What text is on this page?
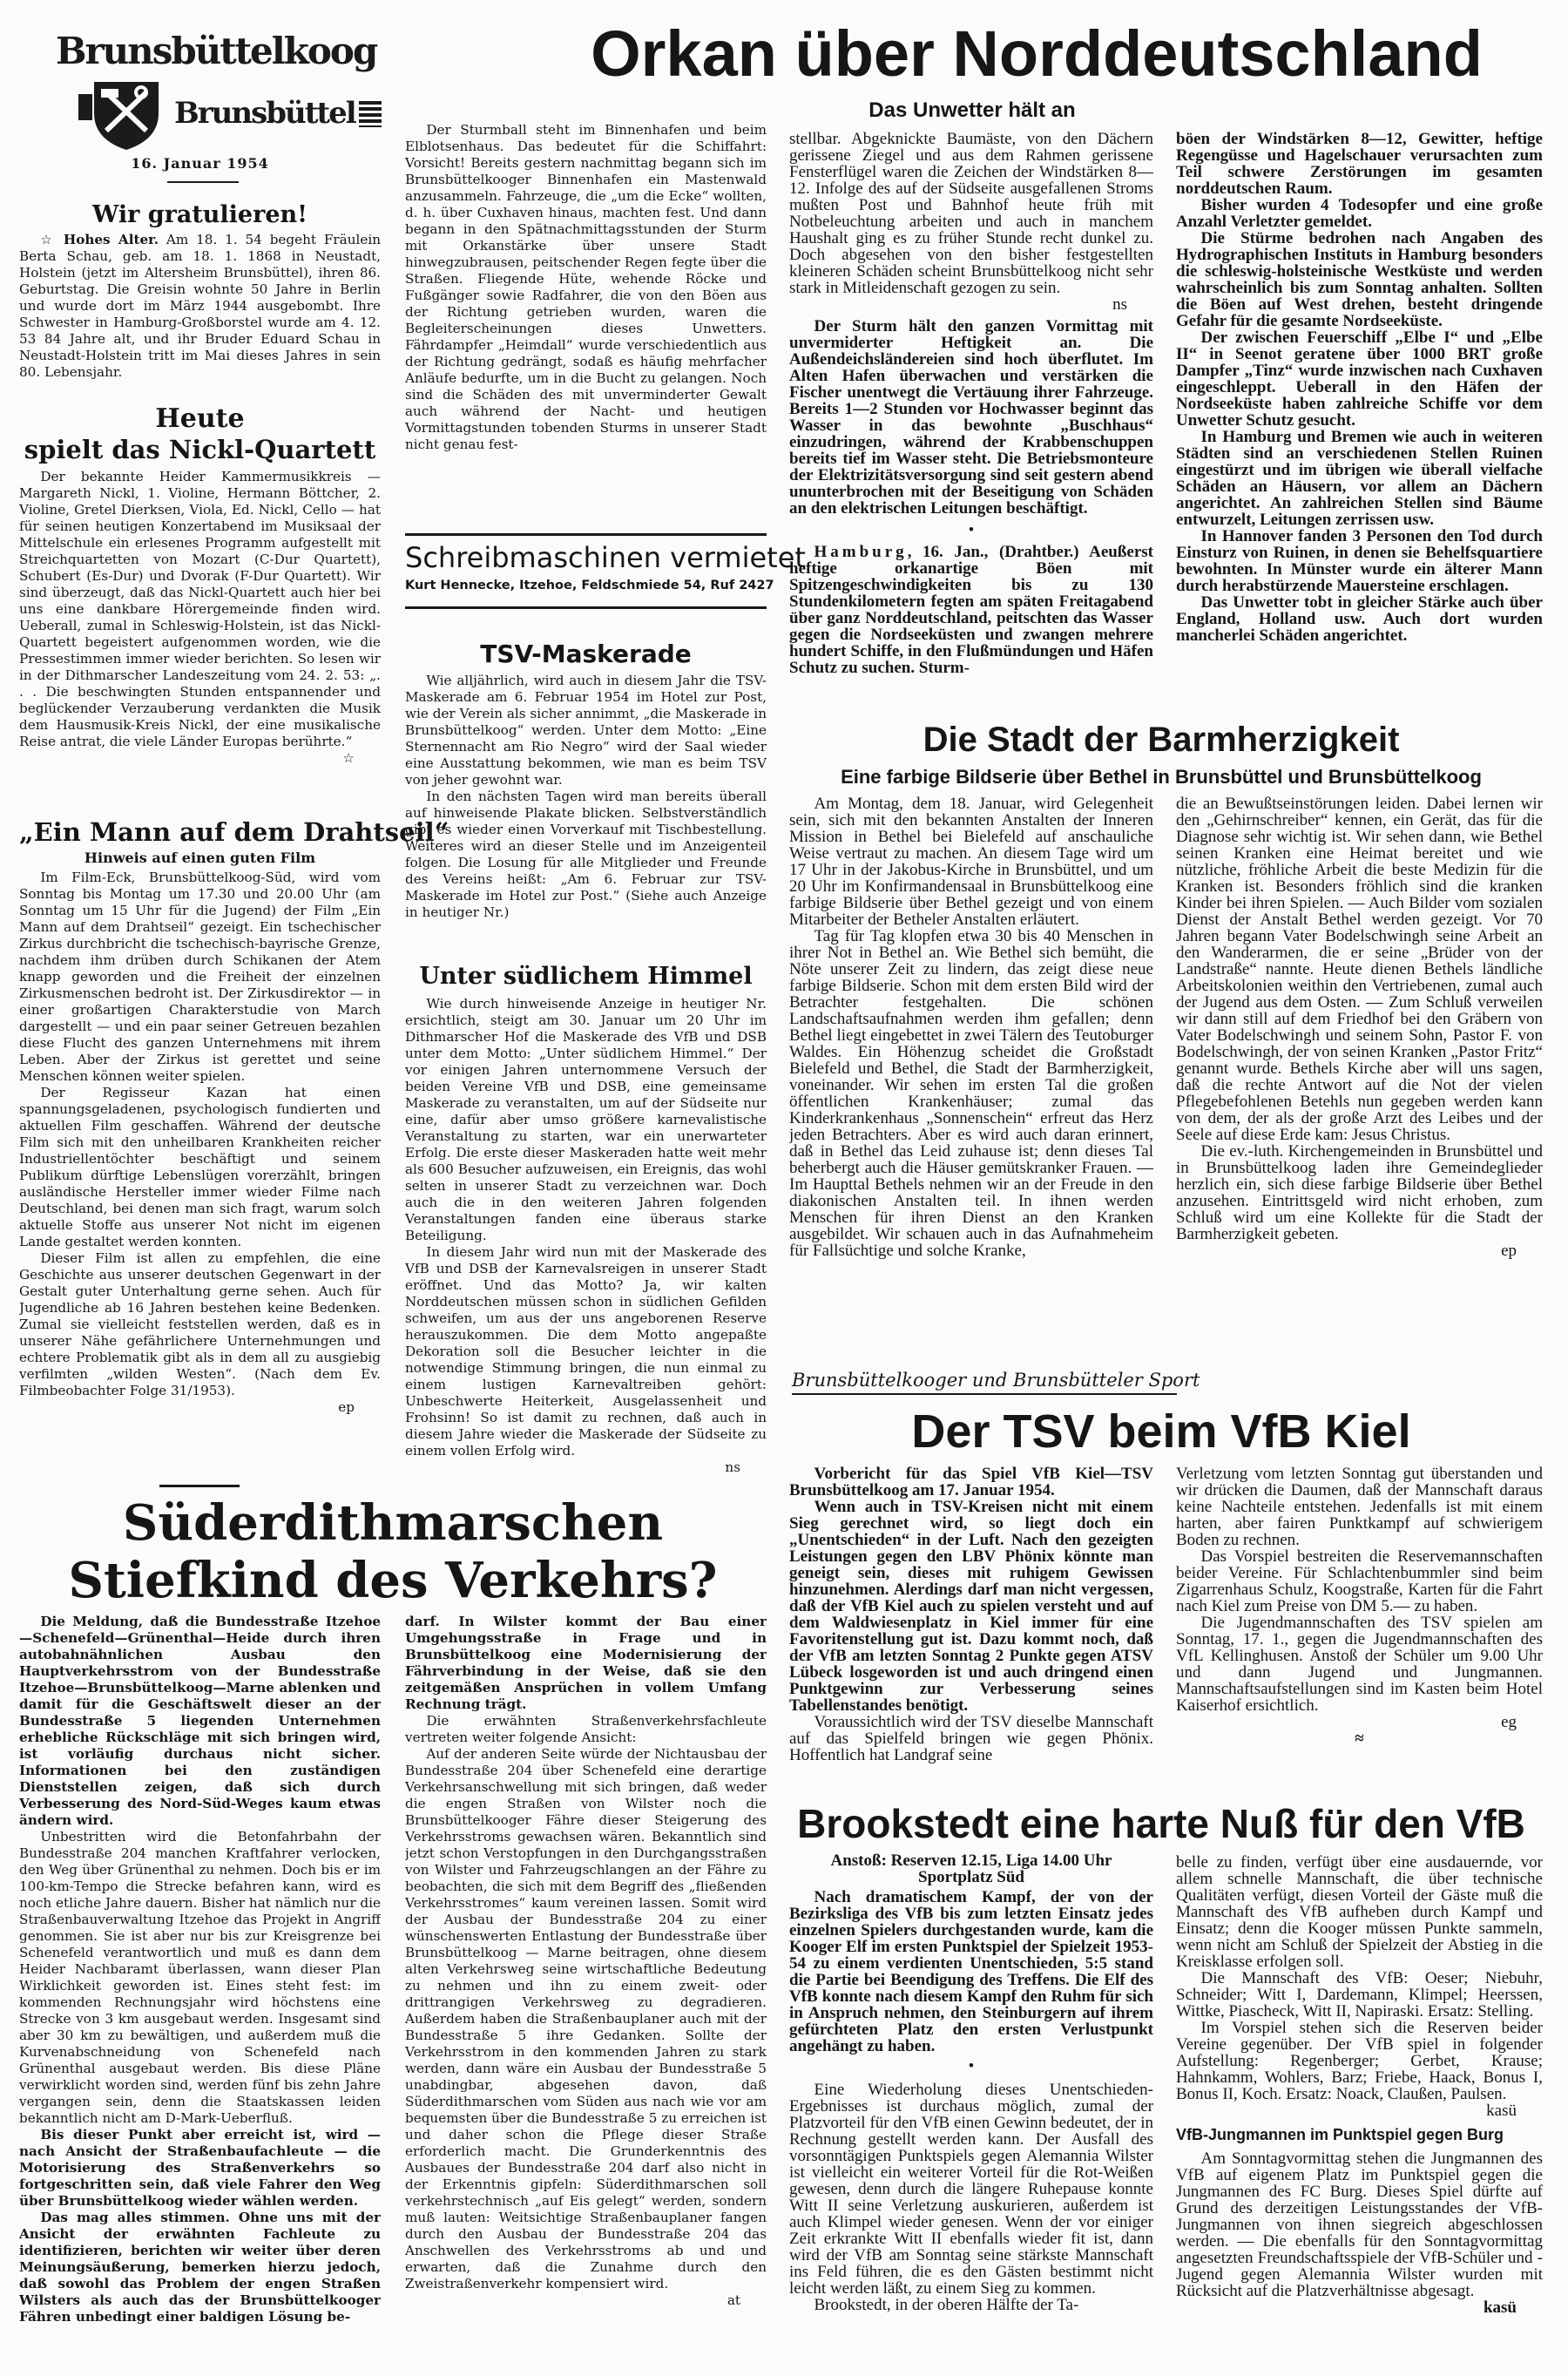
Brunsbüttelkoog
Brunsbüttel
16. Januar 1954
Orkan über Norddeutschland
Das Unwetter hält an
Wir gratulieren!

☆ Hohes Alter. Am 18. 1. 54 begeht Fräulein Berta Schau, geb. am 18. 1. 1868 in Neustadt, Holstein (jetzt im Altersheim Brunsbüttel), ihren 86. Geburtstag. Die Greisin wohnte 50 Jahre in Berlin und wurde dort im März 1944 ausgebombt. Ihre Schwester in Hamburg-Großborstel wurde am 4. 12. 53 84 Jahre alt, und ihr Bruder Eduard Schau in Neustadt-Holstein tritt im Mai dieses Jahres in sein 80. Lebensjahr.

Heute
spielt das Nickl-Quartett

Der bekannte Heider Kammermusikkreis — Margareth Nickl, 1. Violine, Hermann Böttcher, 2. Violine, Gretel Dierksen, Viola, Ed. Nickl, Cello — hat für seinen heutigen Konzertabend im Musiksaal der Mittelschule ein erlesenes Programm aufgestellt mit Streichquartetten von Mozart (C-Dur Quartett), Schubert (Es-Dur) und Dvorak (F-Dur Quartett). Wir sind überzeugt, daß das Nickl-Quartett auch hier bei uns eine dankbare Hörergemeinde finden wird. Ueberall, zumal in Schleswig-Holstein, ist das Nickl-Quartett begeistert aufgenommen worden, wie die Pressestimmen immer wieder berichten. So lesen wir in der Dithmarscher Landeszeitung vom 24. 2. 53: „. . . Die beschwingten Stunden entspannender und beglückender Verzauberung verdankten die Musik dem Hausmusik-Kreis Nickl, der eine musikalische Reise antrat, die viele Länder Europas berührte.“

☆

„Ein Mann auf dem Drahtseil“
Hinweis auf einen guten Film

Im Film-Eck, Brunsbüttelkoog-Süd, wird vom Sonntag bis Montag um 17.30 und 20.00 Uhr (am Sonntag um 15 Uhr für die Jugend) der Film „Ein Mann auf dem Drahtseil“ gezeigt. Ein tschechischer Zirkus durchbricht die tschechisch-bayrische Grenze, nachdem ihm drüben durch Schikanen der Atem knapp geworden und die Freiheit der einzelnen Zirkusmenschen bedroht ist. Der Zirkusdirektor — in einer großartigen Charakterstudie von March dargestellt — und ein paar seiner Getreuen bezahlen diese Flucht des ganzen Unternehmens mit ihrem Leben. Aber der Zirkus ist gerettet und seine Menschen können weiter spielen.

Der Regisseur Kazan hat einen spannungsgeladenen, psychologisch fundierten und aktuellen Film geschaffen. Während der deutsche Film sich mit den unheilbaren Krankheiten reicher Industriellentöchter beschäftigt und seinem Publikum dürftige Lebenslügen vorerzählt, bringen ausländische Hersteller immer wieder Filme nach Deutschland, bei denen man sich fragt, warum solch aktuelle Stoffe aus unserer Not nicht im eigenen Lande gestaltet werden konnten.

Dieser Film ist allen zu empfehlen, die eine Geschichte aus unserer deutschen Gegenwart in der Gestalt guter Unterhaltung gerne sehen. Auch für Jugendliche ab 16 Jahren bestehen keine Bedenken. Zumal sie vielleicht feststellen werden, daß es in unserer Nähe gefährlichere Unternehmungen und echtere Problematik gibt als in dem all zu ausgiebig verfilmten „wilden Westen“. (Nach dem Ev. Filmbeobachter Folge 31/1953).

ep

Der Sturmball steht im Binnenhafen und beim Elblotsenhaus. Das bedeutet für die Schiffahrt: Vorsicht! Bereits gestern nachmittag begann sich im Brunsbüttelkooger Binnenhafen ein Mastenwald anzusammeln. Fahrzeuge, die „um die Ecke“ wollten, d. h. über Cuxhaven hinaus, machten fest. Und dann begann in den Spätnachmittagsstunden der Sturm mit Orkanstärke über unsere Stadt hinwegzubrausen, peitschender Regen fegte über die Straßen. Fliegende Hüte, wehende Röcke und Fußgänger sowie Radfahrer, die von den Böen aus der Richtung getrieben wurden, waren die Begleiterscheinungen dieses Unwetters. Fährdampfer „Heimdall“ wurde verschiedentlich aus der Richtung gedrängt, sodaß es häufig mehrfacher Anläufe bedurfte, um in die Bucht zu gelangen. Noch sind die Schäden des mit unverminderter Gewalt auch während der Nacht- und heutigen Vormittagstunden tobenden Sturms in unserer Stadt nicht genau fest-

Schreibmaschinen vermietet
Kurt Hennecke, Itzehoe, Feldschmiede 54, Ruf 2427
TSV-Maskerade

Wie alljährlich, wird auch in diesem Jahr die TSV-Maskerade am 6. Februar 1954 im Hotel zur Post, wie der Verein als sicher annimmt, „die Maskerade in Brunsbüttelkoog“ werden. Unter dem Motto: „Eine Sternennacht am Rio Negro“ wird der Saal wieder eine Ausstattung bekommen, wie man es beim TSV von jeher gewohnt war.

In den nächsten Tagen wird man bereits überall auf hinweisende Plakate blicken. Selbstverständlich gibt es wieder einen Vorverkauf mit Tischbestellung. Weiteres wird an dieser Stelle und im Anzeigenteil folgen. Die Losung für alle Mitglieder und Freunde des Vereins heißt: „Am 6. Februar zur TSV-Maskerade im Hotel zur Post.“ (Siehe auch Anzeige in heutiger Nr.)

Unter südlichem Himmel

Wie durch hinweisende Anzeige in heutiger Nr. ersichtlich, steigt am 30. Januar um 20 Uhr im Dithmarscher Hof die Maskerade des VfB und DSB unter dem Motto: „Unter südlichem Himmel.“ Der vor einigen Jahren unternommene Versuch der beiden Vereine VfB und DSB, eine gemeinsame Maskerade zu veranstalten, um auf der Südseite nur eine, dafür aber umso größere karnevalistische Veranstaltung zu starten, war ein unerwarteter Erfolg. Die erste dieser Maskeraden hatte weit mehr als 600 Besucher aufzuweisen, ein Ereignis, das wohl selten in unserer Stadt zu verzeichnen war. Doch auch die in den weiteren Jahren folgenden Veranstaltungen fanden eine überaus starke Beteiligung.

In diesem Jahr wird nun mit der Maskerade des VfB und DSB der Karnevalsreigen in unserer Stadt eröffnet. Und das Motto? Ja, wir kalten Norddeutschen müssen schon in südlichen Gefilden schweifen, um aus der uns angeborenen Reserve herauszukommen. Die dem Motto angepaßte Dekoration soll die Besucher leichter in die notwendige Stimmung bringen, die nun einmal zu einem lustigen Karnevaltreiben gehört: Unbeschwerte Heiterkeit, Ausgelassenheit und Frohsinn! So ist damit zu rechnen, daß auch in diesem Jahre wieder die Maskerade der Südseite zu einem vollen Erfolg wird.

ns

Süderdithmarschen
Stiefkind des Verkehrs?

Die Meldung, daß die Bundesstraße Itzehoe—Schenefeld—Grünenthal—Heide durch ihren autobahnähnlichen Ausbau den Hauptverkehrsstrom von der Bundesstraße Itzehoe—Brunsbüttelkoog—Marne ablenken und damit für die Geschäftswelt dieser an der Bundesstraße 5 liegenden Unternehmen erhebliche Rückschläge mit sich bringen wird, ist vorläufig durchaus nicht sicher. Informationen bei den zuständigen Dienststellen zeigen, daß sich durch Verbesserung des Nord-Süd-Weges kaum etwas ändern wird.

Unbestritten wird die Betonfahrbahn der Bundesstraße 204 manchen Kraftfahrer verlocken, den Weg über Grünenthal zu nehmen. Doch bis er im 100-km-Tempo die Strecke befahren kann, wird es noch etliche Jahre dauern. Bisher hat nämlich nur die Straßenbauverwaltung Itzehoe das Projekt in Angriff genommen. Sie ist aber nur bis zur Kreisgrenze bei Schenefeld verantwortlich und muß es dann dem Heider Nachbaramt überlassen, wann dieser Plan Wirklichkeit geworden ist. Eines steht fest: im kommenden Rechnungsjahr wird höchstens eine Strecke von 3 km ausgebaut werden. Insgesamt sind aber 30 km zu bewältigen, und außerdem muß die Kurvenabschneidung von Schenefeld nach Grünenthal ausgebaut werden. Bis diese Pläne verwirklicht worden sind, werden fünf bis zehn Jahre vergangen sein, denn die Staatskassen leiden bekanntlich nicht am D-Mark-Ueberfluß.

Bis dieser Punkt aber erreicht ist, wird — nach Ansicht der Straßenbaufachleute — die Motorisierung des Straßenverkehrs so fortgeschritten sein, daß viele Fahrer den Weg über Brunsbüttelkoog wieder wählen werden.

Das mag alles stimmen. Ohne uns mit der Ansicht der erwähnten Fachleute zu identifizieren, berichten wir weiter über deren Meinungsäußerung, bemerken hierzu jedoch, daß sowohl das Problem der engen Straßen Wilsters als auch das der Brunsbüttelkooger Fähren unbedingt einer baldigen Lösung be-

darf. In Wilster kommt der Bau einer Umgehungsstraße in Frage und in Brunsbüttelkoog eine Modernisierung der Fährverbindung in der Weise, daß sie den zeitgemäßen Ansprüchen in vollem Umfang Rechnung trägt.

Die erwähnten Straßenverkehrsfachleute vertreten weiter folgende Ansicht:

Auf der anderen Seite würde der Nichtausbau der Bundesstraße 204 über Schenefeld eine derartige Verkehrsanschwellung mit sich bringen, daß weder die engen Straßen von Wilster noch die Brunsbüttelkooger Fähre dieser Steigerung des Verkehrsstroms gewachsen wären. Bekanntlich sind jetzt schon Verstopfungen in den Durchgangsstraßen von Wilster und Fahrzeugschlangen an der Fähre zu beobachten, die sich mit dem Begriff des „fließenden Verkehrsstromes“ kaum vereinen lassen. Somit wird der Ausbau der Bundesstraße 204 zu einer wünschenswerten Entlastung der Bundesstraße über Brunsbüttelkoog — Marne beitragen, ohne diesem alten Verkehrsweg seine wirtschaftliche Bedeutung zu nehmen und ihn zu einem zweit- oder drittrangigen Verkehrsweg zu degradieren. Außerdem haben die Straßenbauplaner auch mit der Bundesstraße 5 ihre Gedanken. Sollte der Verkehrsstrom in den kommenden Jahren zu stark werden, dann wäre ein Ausbau der Bundesstraße 5 unabdingbar, abgesehen davon, daß Süderdithmarschen vom Süden aus nach wie vor am bequemsten über die Bundesstraße 5 zu erreichen ist und daher schon die Pflege dieser Straße erforderlich macht. Die Grunderkenntnis des Ausbaues der Bundesstraße 204 darf also nicht in der Erkenntnis gipfeln: Süderdithmarschen soll verkehrstechnisch „auf Eis gelegt“ werden, sondern muß lauten: Weitsichtige Straßenbauplaner fangen durch den Ausbau der Bundesstraße 204 das Anschwellen des Verkehrsstroms ab und und erwarten, daß die Zunahme durch den Zweistraßenverkehr kompensiert wird.

at

stellbar. Abgeknickte Baumäste, von den Dächern gerissene Ziegel und aus dem Rahmen gerissene Fensterflügel waren die Zeichen der Windstärken 8—12. Infolge des auf der Südseite ausgefallenen Stroms mußten Post und Bahnhof heute früh mit Notbeleuchtung arbeiten und auch in manchem Haushalt ging es zu früher Stunde recht dunkel zu. Doch abgesehen von den bisher festgestellten kleineren Schäden scheint Brunsbüttelkoog nicht sehr stark in Mitleidenschaft gezogen zu sein.

ns

Der Sturm hält den ganzen Vormittag mit unvermiderter Heftigkeit an. Die Außendeichsländereien sind hoch überflutet. Im Alten Hafen überwachen und verstärken die Fischer unentwegt die Vertäuung ihrer Fahrzeuge. Bereits 1—2 Stunden vor Hochwasser beginnt das Wasser in das bewohnte „Buschhaus“ einzudringen, während der Krabbenschuppen bereits tief im Wasser steht. Die Betriebsmonteure der Elektrizitätsversorgung sind seit gestern abend ununterbrochen mit der Beseitigung von Schäden an den elektrischen Leitungen beschäftigt.

•

Hamburg, 16. Jan., (Drahtber.) Aeußerst heftige orkanartige Böen mit Spitzengeschwindigkeiten bis zu 130 Stundenkilometern fegten am späten Freitagabend über ganz Norddeutschland, peitschten das Wasser gegen die Nordseeküsten und zwangen mehrere hundert Schiffe, in den Flußmündungen und Häfen Schutz zu suchen. Sturm-

böen der Windstärken 8—12, Gewitter, heftige Regengüsse und Hagelschauer verursachten zum Teil schwere Zerstörungen im gesamten norddeutschen Raum.

Bisher wurden 4 Todesopfer und eine große Anzahl Verletzter gemeldet.

Die Stürme bedrohen nach Angaben des Hydrographischen Instituts in Hamburg besonders die schleswig-holsteinische Westküste und werden wahrscheinlich bis zum Sonntag anhalten. Sollten die Böen auf West drehen, besteht dringende Gefahr für die gesamte Nordseeküste.

Der zwischen Feuerschiff „Elbe I“ und „Elbe II“ in Seenot geratene über 1000 BRT große Dampfer „Tinz“ wurde inzwischen nach Cuxhaven eingeschleppt. Ueberall in den Häfen der Nordseeküste haben zahlreiche Schiffe vor dem Unwetter Schutz gesucht.

In Hamburg und Bremen wie auch in weiteren Städten sind an verschiedenen Stellen Ruinen eingestürzt und im übrigen wie überall vielfache Schäden an Häusern, vor allem an Dächern angerichtet. An zahlreichen Stellen sind Bäume entwurzelt, Leitungen zerrissen usw.

In Hannover fanden 3 Personen den Tod durch Einsturz von Ruinen, in denen sie Behelfsquartiere bewohnten. In Münster wurde ein älterer Mann durch herabstürzende Mauersteine erschlagen.

Das Unwetter tobt in gleicher Stärke auch über England, Holland usw. Auch dort wurden mancherlei Schäden angerichtet.

Die Stadt der Barmherzigkeit
Eine farbige Bildserie über Bethel in Brunsbüttel und Brunsbüttelkoog

Am Montag, dem 18. Januar, wird Gelegenheit sein, sich mit den bekannten Anstalten der Inneren Mission in Bethel bei Bielefeld auf anschauliche Weise vertraut zu machen. An diesem Tage wird um 17 Uhr in der Jakobus-Kirche in Brunsbüttel, und um 20 Uhr im Konfirmandensaal in Brunsbüttelkoog eine farbige Bildserie über Bethel gezeigt und von einem Mitarbeiter der Betheler Anstalten erläutert.

Tag für Tag klopfen etwa 30 bis 40 Menschen in ihrer Not in Bethel an. Wie Bethel sich bemüht, die Nöte unserer Zeit zu lindern, das zeigt diese neue farbige Bildserie. Schon mit dem ersten Bild wird der Betrachter festgehalten. Die schönen Landschaftsaufnahmen werden ihm gefallen; denn Bethel liegt eingebettet in zwei Tälern des Teutoburger Waldes. Ein Höhenzug scheidet die Großstadt Bielefeld und Bethel, die Stadt der Barmherzigkeit, voneinander. Wir sehen im ersten Tal die großen öffentlichen Krankenhäuser; zumal das Kinderkrankenhaus „Sonnenschein“ erfreut das Herz jeden Betrachters. Aber es wird auch daran erinnert, daß in Bethel das Leid zuhause ist; denn dieses Tal beherbergt auch die Häuser gemütskranker Frauen. — Im Haupttal Bethels nehmen wir an der Freude in den diakonischen Anstalten teil. In ihnen werden Menschen für ihren Dienst an den Kranken ausgebildet. Wir schauen auch in das Aufnahmeheim für Fallsüchtige und solche Kranke,

die an Bewußtseinstörungen leiden. Dabei lernen wir den „Gehirnschreiber“ kennen, ein Gerät, das für die Diagnose sehr wichtig ist. Wir sehen dann, wie Bethel seinen Kranken eine Heimat bereitet und wie nützliche, fröhliche Arbeit die beste Medizin für die Kranken ist. Besonders fröhlich sind die kranken Kinder bei ihren Spielen. — Auch Bilder vom sozialen Dienst der Anstalt Bethel werden gezeigt. Vor 70 Jahren begann Vater Bodelschwingh seine Arbeit an den Wanderarmen, die er seine „Brüder von der Landstraße“ nannte. Heute dienen Bethels ländliche Arbeitskolonien weithin den Vertriebenen, zumal auch der Jugend aus dem Osten. — Zum Schluß verweilen wir dann still auf dem Friedhof bei den Gräbern von Vater Bodelschwingh und seinem Sohn, Pastor F. von Bodelschwingh, der von seinen Kranken „Pastor Fritz“ genannt wurde. Bethels Kirche aber will uns sagen, daß die rechte Antwort auf die Not der vielen Pflegebefohlenen Betehls nun gegeben werden kann von dem, der als der große Arzt des Leibes und der Seele auf diese Erde kam: Jesus Christus.

Die ev.-luth. Kirchengemeinden in Brunsbüttel und in Brunsbüttelkoog laden ihre Gemeindeglieder herzlich ein, sich diese farbige Bildserie über Bethel anzusehen. Eintrittsgeld wird nicht erhoben, zum Schluß wird um eine Kollekte für die Stadt der Barmherzigkeit gebeten.

ep

Brunsbüttelkooger und Brunsbütteler Sport
Der TSV beim VfB Kiel

Vorbericht für das Spiel VfB Kiel—TSV Brunsbüttelkoog am 17. Januar 1954.

Wenn auch in TSV-Kreisen nicht mit einem Sieg gerechnet wird, so liegt doch ein „Unentschieden“ in der Luft. Nach den gezeigten Leistungen gegen den LBV Phönix könnte man geneigt sein, dieses mit ruhigem Gewissen hinzunehmen. Alerdings darf man nicht vergessen, daß der VfB Kiel auch zu spielen versteht und auf dem Waldwiesenplatz in Kiel immer für eine Favoritenstellung gut ist. Dazu kommt noch, daß der VfB am letzten Sonntag 2 Punkte gegen ATSV Lübeck losgeworden ist und auch dringend einen Punktgewinn zur Verbesserung seines Tabellenstandes benötigt.

Voraussichtlich wird der TSV dieselbe Mannschaft auf das Spielfeld bringen wie gegen Phönix. Hoffentlich hat Landgraf seine

Verletzung vom letzten Sonntag gut überstanden und wir drücken die Daumen, daß der Mannschaft daraus keine Nachteile entstehen. Jedenfalls ist mit einem harten, aber fairen Punktkampf auf schwierigem Boden zu rechnen.

Das Vorspiel bestreiten die Reservemannschaften beider Vereine. Für Schlachtenbummler sind beim Zigarrenhaus Schulz, Koogstraße, Karten für die Fahrt nach Kiel zum Preise von DM 5.— zu haben.

Die Jugendmannschaften des TSV spielen am Sonntag, 17. 1., gegen die Jugendmannschaften des VfL Kellinghusen. Anstoß der Schüler um 9.00 Uhr und dann Jugend und Jungmannen. Mannschaftsaufstellungen sind im Kasten beim Hotel Kaiserhof ersichtlich.

eg

≈

Brookstedt eine harte Nuß für den VfB
Anstoß: Reserven 12.15, Liga 14.00 Uhr
Sportplatz Süd

Nach dramatischem Kampf, der von der Bezirksliga des VfB bis zum letzten Einsatz jedes einzelnen Spielers durchgestanden wurde, kam die Kooger Elf im ersten Punktspiel der Spielzeit 1953-54 zu einem verdienten Unentschieden, 5:5 stand die Partie bei Beendigung des Treffens. Die Elf des VfB konnte nach diesem Kampf den Ruhm für sich in Anspruch nehmen, den Steinburgern auf ihrem gefürchteten Platz den ersten Verlustpunkt angehängt zu haben.

•

Eine Wiederholung dieses Unentschieden-Ergebnisses ist durchaus möglich, zumal der Platzvorteil für den VfB einen Gewinn bedeutet, der in Rechnung gestellt werden kann. Der Ausfall des vorsonntägigen Punktspiels gegen Alemannia Wilster ist vielleicht ein weiterer Vorteil für die Rot-Weißen gewesen, denn durch die längere Ruhepause konnte Witt II seine Verletzung auskurieren, außerdem ist auch Klimpel wieder genesen. Wenn der vor einiger Zeit erkrankte Witt II ebenfalls wieder fit ist, dann wird der VfB am Sonntag seine stärkste Mannschaft ins Feld führen, die es den Gästen bestimmt nicht leicht werden läßt, zu einem Sieg zu kommen.

Brookstedt, in der oberen Hälfte der Ta-

belle zu finden, verfügt über eine ausdauernde, vor allem schnelle Mannschaft, die über technische Qualitäten verfügt, diesen Vorteil der Gäste muß die Mannschaft des VfB aufheben durch Kampf und Einsatz; denn die Kooger müssen Punkte sammeln, wenn nicht am Schluß der Spielzeit der Abstieg in die Kreisklasse erfolgen soll.

Die Mannschaft des VfB: Oeser; Niebuhr, Schneider; Witt I, Dardemann, Klimpel; Heerssen, Wittke, Piascheck, Witt II, Napiraski. Ersatz: Stelling.

Im Vorspiel stehen sich die Reserven beider Vereine gegenüber. Der VfB spiel in folgender Aufstellung: Regenberger; Gerbet, Krause; Hahnkamm, Wohlers, Barz; Friebe, Haack, Bonus I, Bonus II, Koch. Ersatz: Noack, Claußen, Paulsen.

kasü

VfB-Jungmannen im Punktspiel gegen Burg

Am Sonntagvormittag stehen die Jungmannen des VfB auf eigenem Platz im Punktspiel gegen die Jungmannen des FC Burg. Dieses Spiel dürfte auf Grund des derzeitigen Leistungsstandes der VfB-Jungmannen von ihnen siegreich abgeschlossen werden. — Die ebenfalls für den Sonntagvormittag angesetzten Freundschaftsspiele der VfB-Schüler und -Jugend gegen Alemannia Wilster wurden mit Rücksicht auf die Platzverhältnisse abgesagt.

kasü
